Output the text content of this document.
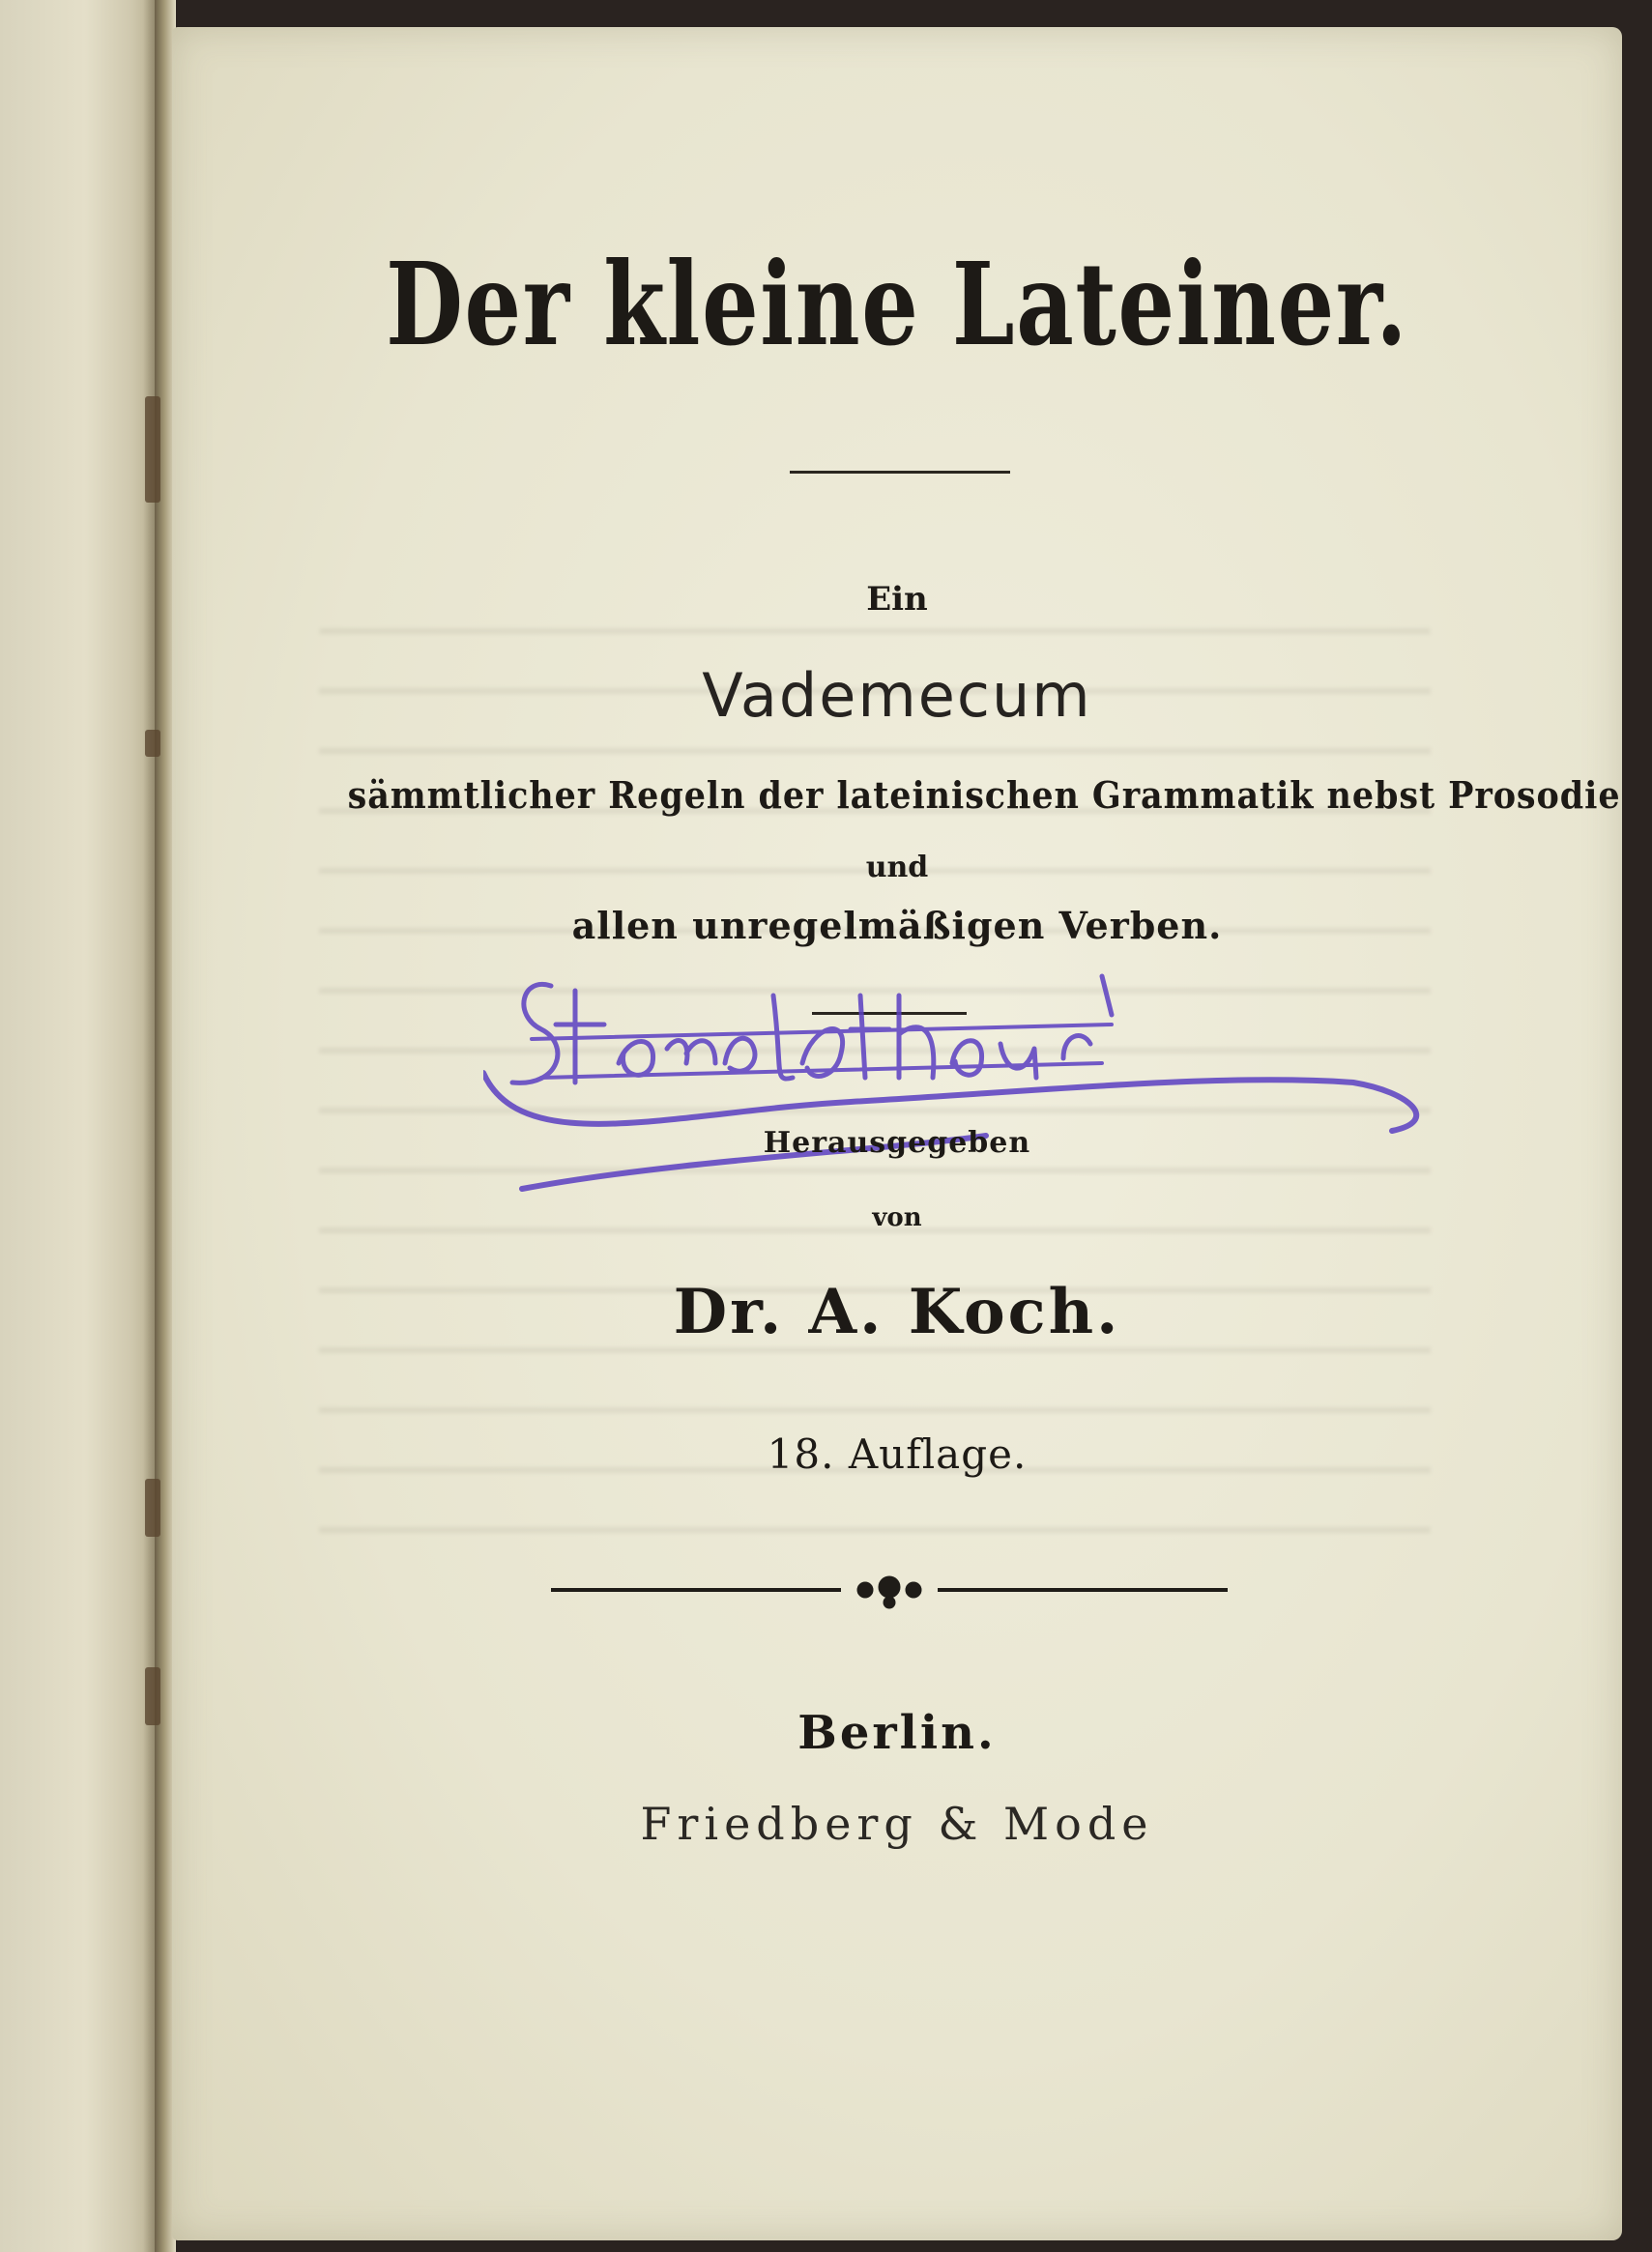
Der kleine Lateiner.
Ein
Vademecum
sämmtlicher Regeln der lateinischen Grammatik nebst Prosodie
und
allen unregelmäßigen Verben.
Stern Pathhaus
Herausgegeben
von
Dr. A. Koch.
18. Auflage.
Berlin.
Friedberg & Mode
